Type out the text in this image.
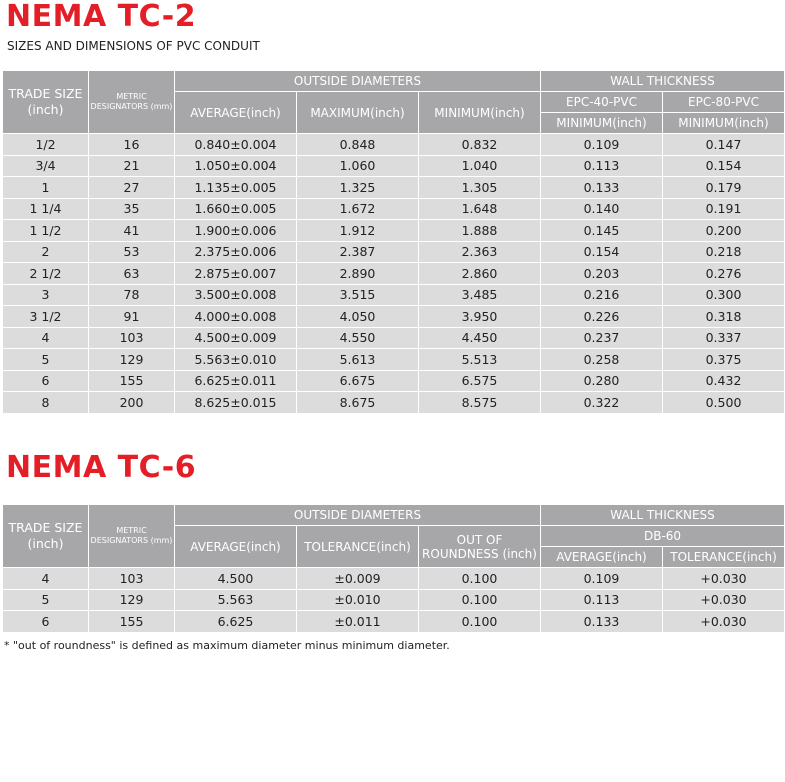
NEMA TC-2
SIZES AND DIMENSIONS OF PVC CONDUIT
TRADE SIZE (inch)	METRIC DESIGNATORS (mm)	OUTSIDE DIAMETERS			WALL THICKNESS	
		AVERAGE(inch)	MAXIMUM(inch)	MINIMUM(inch)	EPC-40-PVC	EPC-80-PVC
					MINIMUM(inch)	MINIMUM(inch)
1/2	16	0.840±0.004	0.848	0.832	0.109	0.147
3/4	21	1.050±0.004	1.060	1.040	0.113	0.154
1	27	1.135±0.005	1.325	1.305	0.133	0.179
1 1/4	35	1.660±0.005	1.672	1.648	0.140	0.191
1 1/2	41	1.900±0.006	1.912	1.888	0.145	0.200
2	53	2.375±0.006	2.387	2.363	0.154	0.218
2 1/2	63	2.875±0.007	2.890	2.860	0.203	0.276
3	78	3.500±0.008	3.515	3.485	0.216	0.300
3 1/2	91	4.000±0.008	4.050	3.950	0.226	0.318
4	103	4.500±0.009	4.550	4.450	0.237	0.337
5	129	5.563±0.010	5.613	5.513	0.258	0.375
6	155	6.625±0.011	6.675	6.575	0.280	0.432
8	200	8.625±0.015	8.675	8.575	0.322	0.500
NEMA TC-6
TRADE SIZE (inch)	METRIC DESIGNATORS (mm)	OUTSIDE DIAMETERS			WALL THICKNESS	
		AVERAGE(inch)	TOLERANCE(inch)	OUT OF ROUNDNESS (inch)	DB-60	
					AVERAGE(inch)	TOLERANCE(inch)
4	103	4.500	±0.009	0.100	0.109	+0.030
5	129	5.563	±0.010	0.100	0.113	+0.030
6	155	6.625	±0.011	0.100	0.133	+0.030
* "out of roundness" is defined as maximum diameter minus minimum diameter.
